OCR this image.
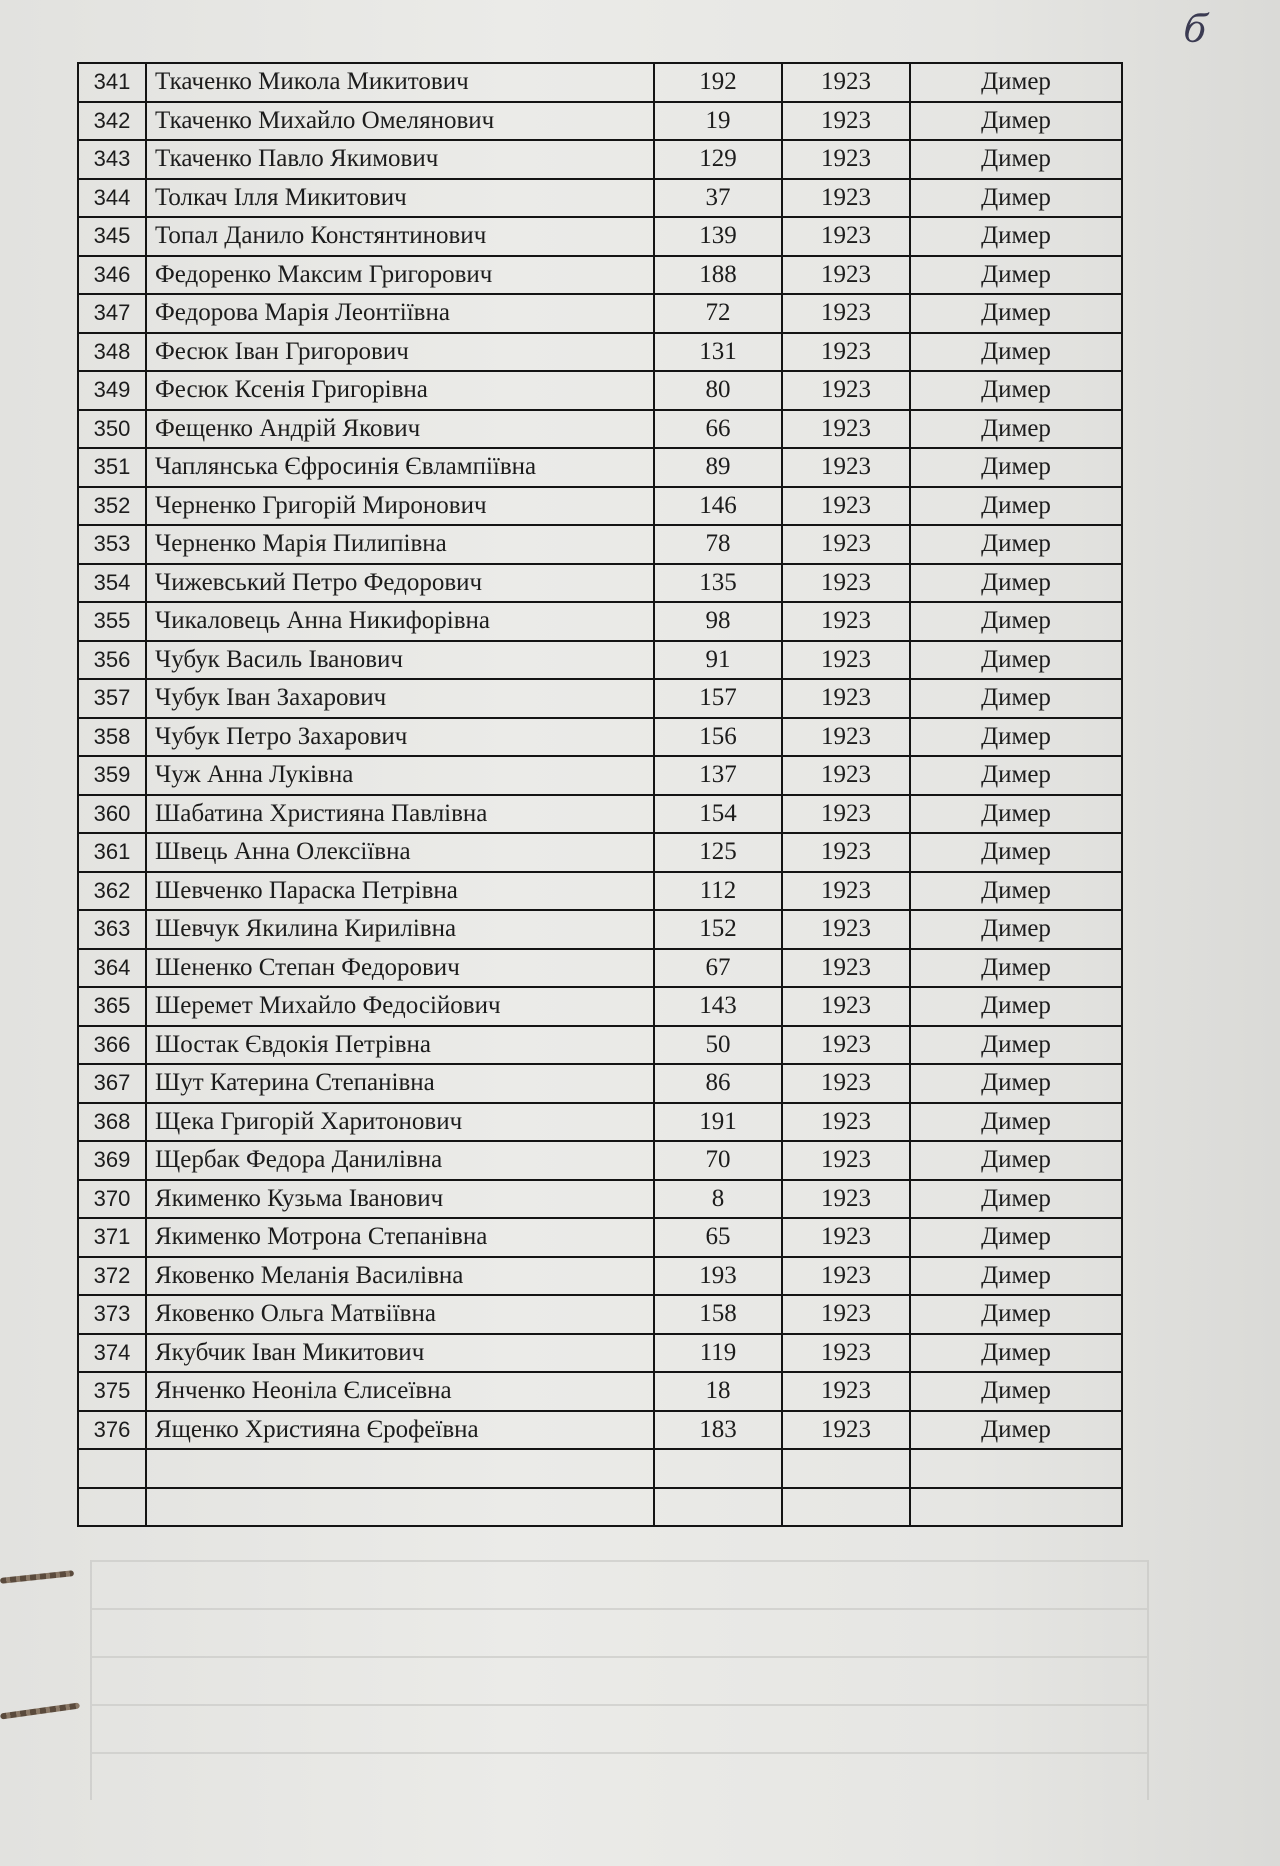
б
341	Ткаченко Микола Микитович	192	1923	Димер
342	Ткаченко Михайло Омелянович	19	1923	Димер
343	Ткаченко Павло Якимович	129	1923	Димер
344	Толкач Ілля Микитович	37	1923	Димер
345	Топал Данило Констянтинович	139	1923	Димер
346	Федоренко Максим Григорович	188	1923	Димер
347	Федорова Марія Леонтіївна	72	1923	Димер
348	Фесюк Іван Григорович	131	1923	Димер
349	Фесюк Ксенія Григорівна	80	1923	Димер
350	Фещенко Андрій Якович	66	1923	Димер
351	Чаплянська Єфросинія Євлампіївна	89	1923	Димер
352	Черненко Григорій Миронович	146	1923	Димер
353	Черненко Марія Пилипівна	78	1923	Димер
354	Чижевський Петро Федорович	135	1923	Димер
355	Чикаловець Анна Никифорівна	98	1923	Димер
356	Чубук Василь Іванович	91	1923	Димер
357	Чубук Іван Захарович	157	1923	Димер
358	Чубук Петро Захарович	156	1923	Димер
359	Чуж Анна Луківна	137	1923	Димер
360	Шабатина Християна Павлівна	154	1923	Димер
361	Швець Анна Олексіївна	125	1923	Димер
362	Шевченко Параска Петрівна	112	1923	Димер
363	Шевчук Якилина Кирилівна	152	1923	Димер
364	Шененко Степан Федорович	67	1923	Димер
365	Шеремет Михайло Федосійович	143	1923	Димер
366	Шостак Євдокія Петрівна	50	1923	Димер
367	Шут Катерина Степанівна	86	1923	Димер
368	Щека Григорій Харитонович	191	1923	Димер
369	Щербак Федора Данилівна	70	1923	Димер
370	Якименко Кузьма Іванович	8	1923	Димер
371	Якименко Мотрона Степанівна	65	1923	Димер
372	Яковенко Меланія Василівна	193	1923	Димер
373	Яковенко Ольга Матвіївна	158	1923	Димер
374	Якубчик Іван Микитович	119	1923	Димер
375	Янченко Неоніла Єлисеївна	18	1923	Димер
376	Ященко Християна Єрофеївна	183	1923	Димер
